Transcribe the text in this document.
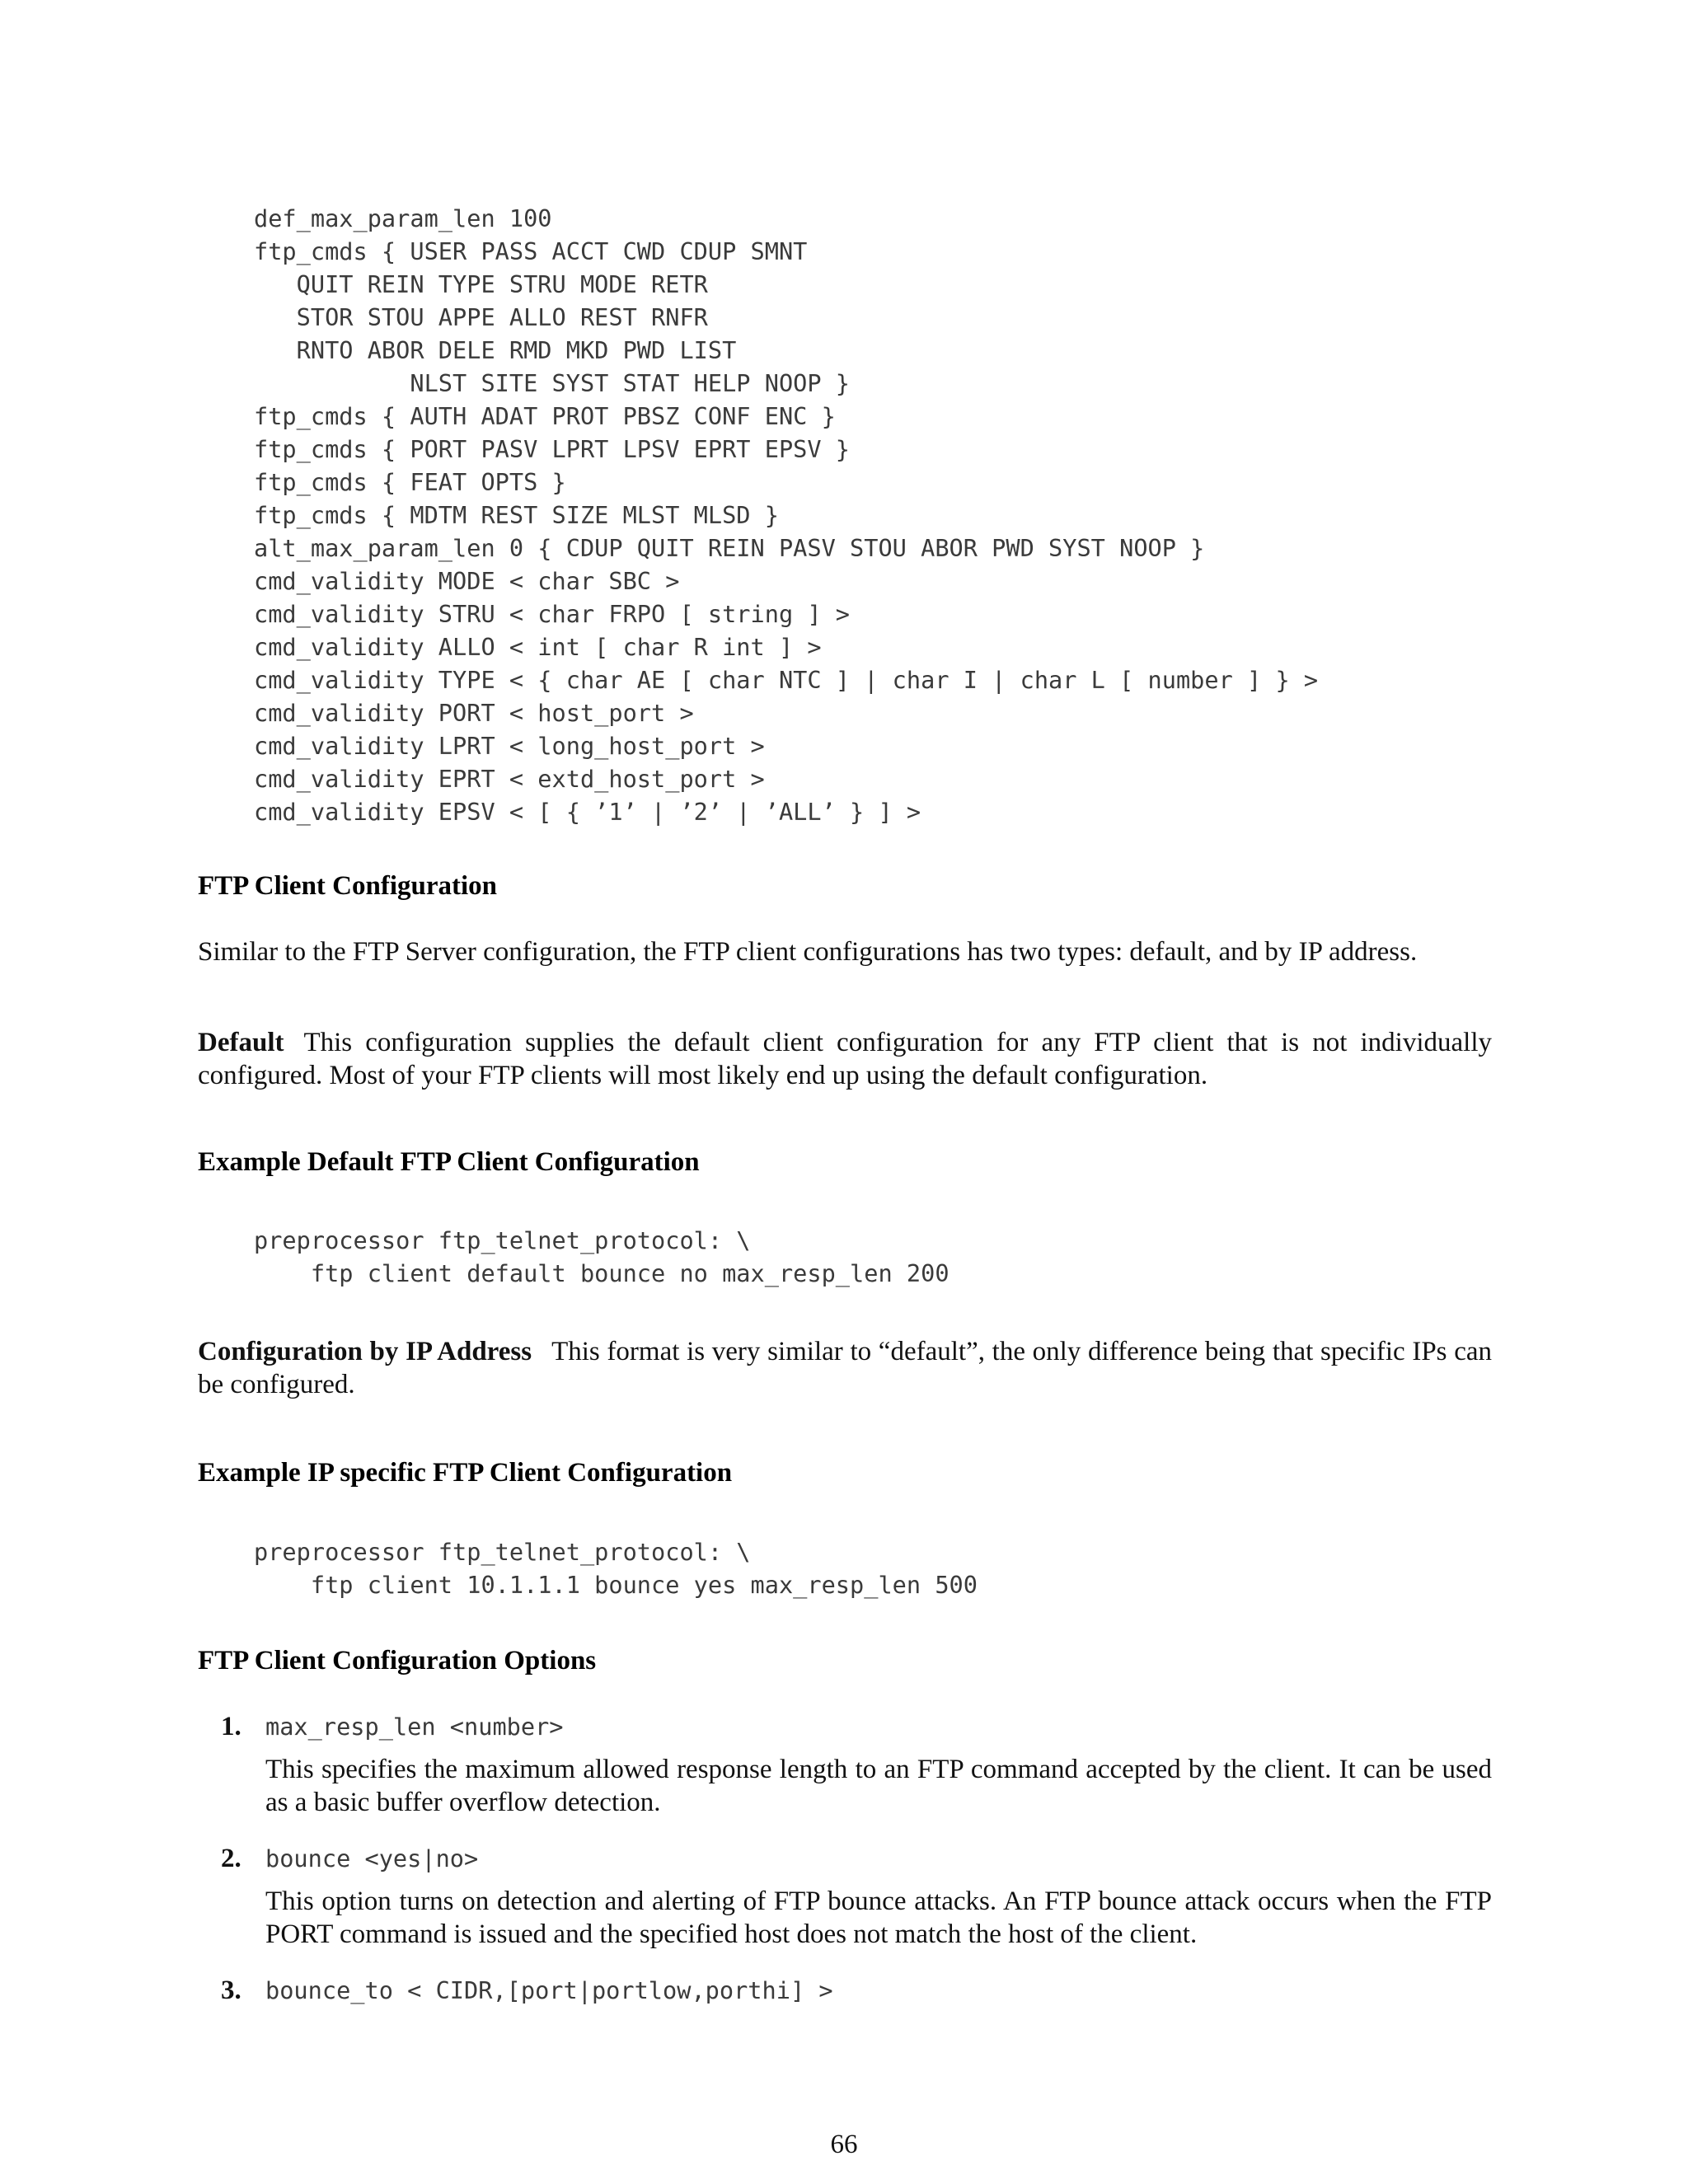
def_max_param_len 100
ftp_cmds { USER PASS ACCT CWD CDUP SMNT
QUIT REIN TYPE STRU MODE RETR
STOR STOU APPE ALLO REST RNFR
RNTO ABOR DELE RMD MKD PWD LIST
NLST SITE SYST STAT HELP NOOP }
ftp_cmds { AUTH ADAT PROT PBSZ CONF ENC }
ftp_cmds { PORT PASV LPRT LPSV EPRT EPSV }
ftp_cmds { FEAT OPTS }
ftp_cmds { MDTM REST SIZE MLST MLSD }
alt_max_param_len 0 { CDUP QUIT REIN PASV STOU ABOR PWD SYST NOOP }
cmd_validity MODE < char SBC >
cmd_validity STRU < char FRPO [ string ] >
cmd_validity ALLO < int [ char R int ] >
cmd_validity TYPE < { char AE [ char NTC ] | char I | char L [ number ] } >
cmd_validity PORT < host_port >
cmd_validity LPRT < long_host_port >
cmd_validity EPRT < extd_host_port >
cmd_validity EPSV < [ { ’1’ | ’2’ | ’ALL’ } ] >
FTP Client Configuration
Similar to the FTP Server configuration, the FTP client configurations has two types: default, and by IP address.
Default This configuration supplies the default client configuration for any FTP client that is not individually configured. Most of your FTP clients will most likely end up using the default configuration.
Example Default FTP Client Configuration
preprocessor ftp_telnet_protocol: \
ftp client default bounce no max_resp_len 200
Configuration by IP Address This format is very similar to “default”, the only difference being that specific IPs can be configured.
Example IP specific FTP Client Configuration
preprocessor ftp_telnet_protocol: \
ftp client 10.1.1.1 bounce yes max_resp_len 500
FTP Client Configuration Options
1. max_resp_len <number>
This specifies the maximum allowed response length to an FTP command accepted by the client. It can be used as a basic buffer overflow detection.
2. bounce <yes|no>
This option turns on detection and alerting of FTP bounce attacks. An FTP bounce attack occurs when the FTP PORT command is issued and the specified host does not match the host of the client.
3. bounce_to < CIDR,[port|portlow,porthi] >
66
